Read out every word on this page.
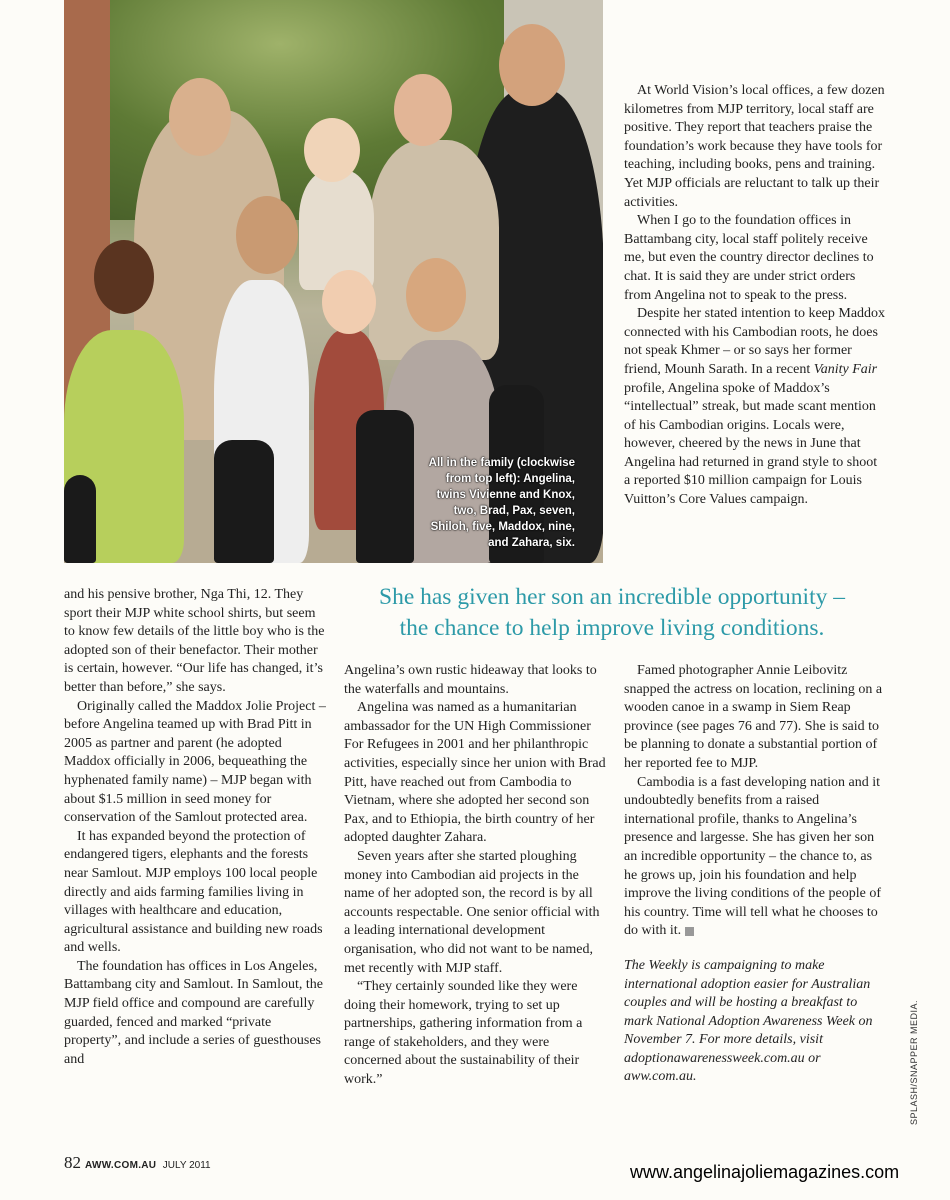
All in the family (clockwise
from top left): Angelina,
twins Vivienne and Knox,
two, Brad, Pax, seven,
Shiloh, five, Maddox, nine,
and Zahara, six.

At World Vision’s local offices, a few dozen kilometres from MJP territory, local staff are positive. They report that teachers praise the foundation’s work because they have tools for teaching, including books, pens and training. Yet MJP officials are reluctant to talk up their activities.

When I go to the foundation offices in Battambang city, local staff politely receive me, but even the country director declines to chat. It is said they are under strict orders from Angelina not to speak to the press.

Despite her stated intention to keep Maddox connected with his Cambodian roots, he does not speak Khmer – or so says her former friend, Mounh Sarath. In a recent Vanity Fair profile, Angelina spoke of Maddox’s “intellectual” streak, but made scant mention of his Cambodian origins. Locals were, however, cheered by the news in June that Angelina had returned in grand style to shoot a reported $10 million campaign for Louis Vuitton’s Core Values campaign.

She has given her son an incredible opportunity –
the chance to help improve living conditions.

and his pensive brother, Nga Thi, 12. They sport their MJP white school shirts, but seem to know few details of the little boy who is the adopted son of their benefactor. Their mother is certain, however. “Our life has changed, it’s better than before,” she says.

Originally called the Maddox Jolie Project – before Angelina teamed up with Brad Pitt in 2005 as partner and parent (he adopted Maddox officially in 2006, bequeathing the hyphenated family name) – MJP began with about $1.5 million in seed money for conservation of the Samlout protected area.

It has expanded beyond the protection of endangered tigers, elephants and the forests near Samlout. MJP employs 100 local people directly and aids farming families living in villages with healthcare and education, agricultural assistance and building new roads and wells.

The foundation has offices in Los Angeles, Battambang city and Samlout. In Samlout, the MJP field office and compound are carefully guarded, fenced and marked “private property”, and include a series of guesthouses and

Angelina’s own rustic hideaway that looks to the waterfalls and mountains.

Angelina was named as a humanitarian ambassador for the UN High Commissioner For Refugees in 2001 and her philanthropic activities, especially since her union with Brad Pitt, have reached out from Cambodia to Vietnam, where she adopted her second son Pax, and to Ethiopia, the birth country of her adopted daughter Zahara.

Seven years after she started ploughing money into Cambodian aid projects in the name of her adopted son, the record is by all accounts respectable. One senior official with a leading international development organisation, who did not want to be named, met recently with MJP staff.

“They certainly sounded like they were doing their homework, trying to set up partnerships, gathering information from a range of stakeholders, and they were concerned about the sustainability of their work.”

Famed photographer Annie Leibovitz snapped the actress on location, reclining on a wooden canoe in a swamp in Siem Reap province (see pages 76 and 77). She is said to be planning to donate a substantial portion of her reported fee to MJP.

Cambodia is a fast developing nation and it undoubtedly benefits from a raised international profile, thanks to Angelina’s presence and largesse. She has given her son an incredible opportunity – the chance to, as he grows up, join his foundation and help improve the living conditions of the people of his country. Time will tell what he chooses to do with it.

The Weekly is campaigning to make international adoption easier for Australian couples and will be hosting a breakfast to mark National Adoption Awareness Week on November 7. For more details, visit adoptionawarenessweek.com.au or aww.com.au.	SPLASH/SNAPPER MEDIA.
82 AWW.COM.AU JULY 2011	www.angelinajoliemagazines.com
